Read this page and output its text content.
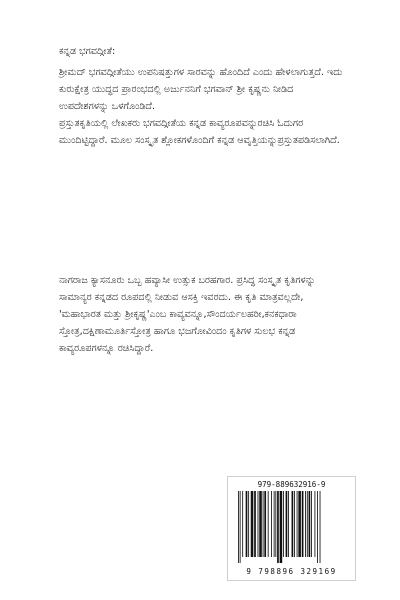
ಕನ್ನಡ ಭಗವದ್ಗೀತೆ:

ಶ್ರೀಮದ್ ಭಗವದ್ಗೀತೆಯು ಉಪನಿಷತ್ತುಗಳ ಸಾರವನ್ನು ಹೊಂದಿದೆ ಎಂದು ಹೇಳಲಾಗುತ್ತದೆ. ಇದು ಕುರುಕ್ಷೇತ್ರ ಯುದ್ಧದ ಪ್ರಾರಂಭದಲ್ಲಿ ಅರ್ಜುನನಿಗೆ ಭಗವಾನ್ ಶ್ರೀ ಕೃಷ್ಣನು ನೀಡಿದ ಉಪದೇಶಗಳನ್ನು ಒಳಗೊಂಡಿದೆ.

ಪ್ರಸ್ತುತಕೃತಿಯಲ್ಲಿ ಲೇಖಕರು ಭಗವದ್ಗೀತೆಯ ಕನ್ನಡ ಕಾವ್ಯರೂಪವನ್ನುರಚಿಸಿ ಓದುಗರ ಮುಂದಿಟ್ಟಿದ್ದಾರೆ. ಮೂಲ ಸಂಸ್ಕೃತ ಶ್ಲೋಕಗಳೊಂದಿಗೆ ಕನ್ನಡ ಆವೃತ್ತಿಯನ್ನುಪ್ರಸ್ತುತಪಡಿಸಲಾಗಿದೆ.

ನಾಗರಾಜ ಕ್ಯಾಸನೂರು ಒಬ್ಬ ಹವ್ಯಾಸೀ ಉತ್ಸುಕ ಬರಹಗಾರ. ಪ್ರಸಿದ್ಧ ಸಂಸ್ಕೃತ ಕೃತಿಗಳನ್ನು ಸಾಮಾನ್ಯರ ಕನ್ನಡದ ರೂಪದಲ್ಲಿ ನೀಡುವ ಆಸಕ್ತಿ ಇವರದು. ಈ ಕೃತಿ ಮಾತ್ರವಲ್ಲದೇ, 'ಮಹಾಭಾರತ ಮತ್ತು ಶ್ರೀಕೃಷ್ಣ'ಎಂಬ ಕಾವ್ಯವನ್ನೂ,ಸೌಂದರ್ಯಲಹರೀ,ಕನಕಧಾರಾ ಸ್ತೋತ್ರ,ದಕ್ಷಿಣಾಮೂರ್ತಿಸ್ತೋತ್ರ ಹಾಗೂ ಭಜಗೋವಿಂದಂ ಕೃತಿಗಳ ಸುಲಭ ಕನ್ನಡ ಕಾವ್ಯರೂಪಗಳನ್ನೂ ರಚಿಸಿದ್ದಾರೆ.

979-889632916-9
9 798896 329169
